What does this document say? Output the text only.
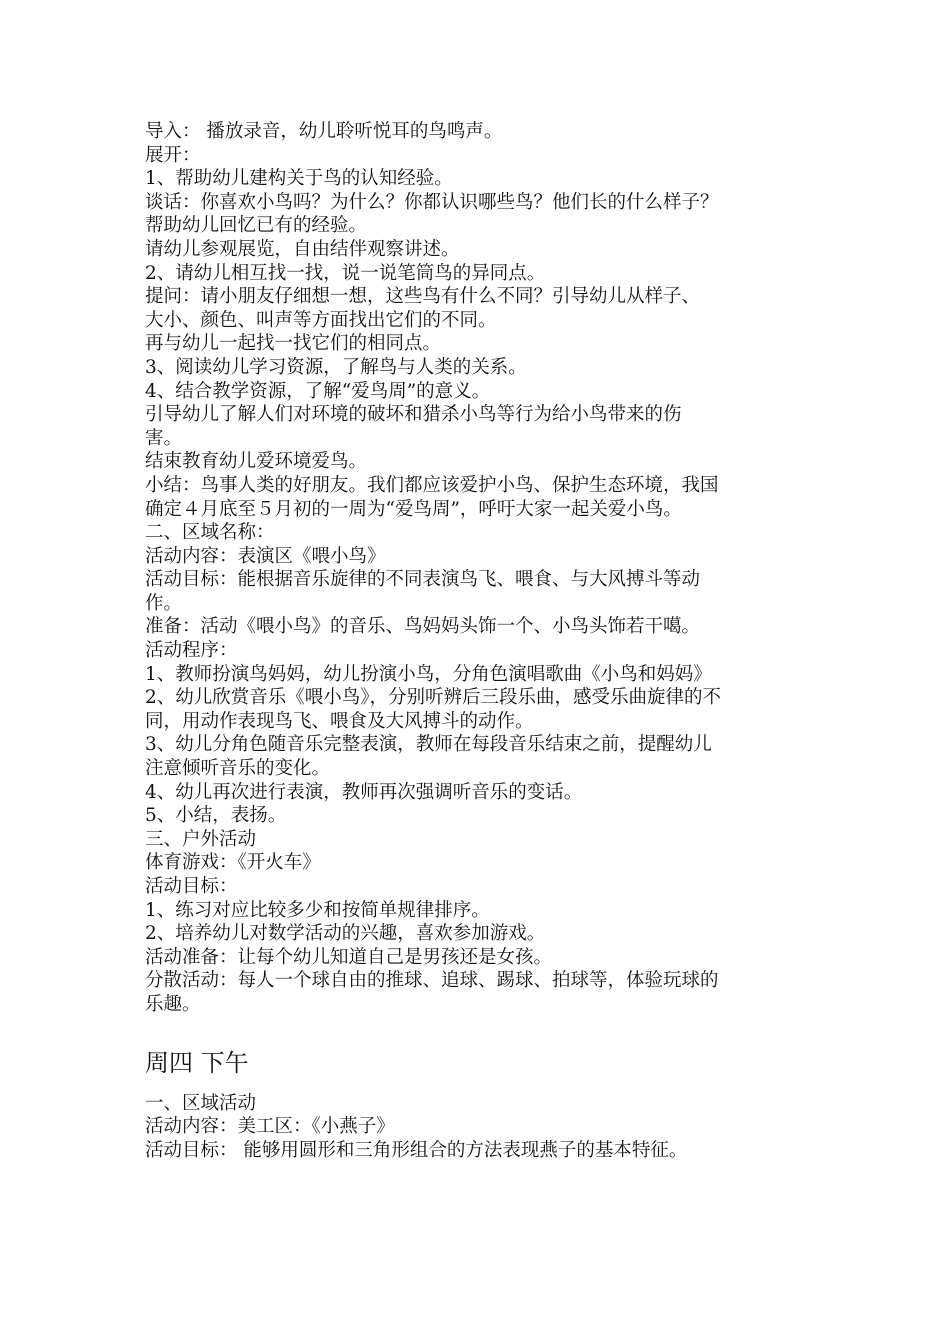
导入： 播放录音，幼儿聆听悦耳的鸟鸣声。
展开：
1、帮助幼儿建构关于鸟的认知经验。
谈话：你喜欢小鸟吗？为什么？你都认识哪些鸟？他们长的什么样子？
帮助幼儿回忆已有的经验。
请幼儿参观展览，自由结伴观察讲述。
2、请幼儿相互找一找，说一说笔筒鸟的异同点。
提问：请小朋友仔细想一想，这些鸟有什么不同？引导幼儿从样子、
大小、颜色、叫声等方面找出它们的不同。
再与幼儿一起找一找它们的相同点。
3、阅读幼儿学习资源，了解鸟与人类的关系。
4、结合教学资源，了解“爱鸟周”的意义。
引导幼儿了解人们对环境的破坏和猎杀小鸟等行为给小鸟带来的伤
害。
结束教育幼儿爱环境爱鸟。
小结：鸟事人类的好朋友。我们都应该爱护小鸟、保护生态环境，我国
确定４月底至５月初的一周为“爱鸟周”，呼吁大家一起关爱小鸟。
二、区域名称：
活动内容：表演区《喂小鸟》
活动目标：能根据音乐旋律的不同表演鸟飞、喂食、与大风搏斗等动
作。
准备：活动《喂小鸟》的音乐、鸟妈妈头饰一个、小鸟头饰若干噶。
活动程序：
1、教师扮演鸟妈妈，幼儿扮演小鸟，分角色演唱歌曲《小鸟和妈妈》
2、幼儿欣赏音乐《喂小鸟》，分别听辨后三段乐曲，感受乐曲旋律的不
同，用动作表现鸟飞、喂食及大风搏斗的动作。
3、幼儿分角色随音乐完整表演，教师在每段音乐结束之前，提醒幼儿
注意倾听音乐的变化。
4、幼儿再次进行表演，教师再次强调听音乐的变话。
5、小结，表扬。
三、户外活动
体育游戏：《开火车》
活动目标：
1、练习对应比较多少和按简单规律排序。
2、培养幼儿对数学活动的兴趣，喜欢参加游戏。
活动准备：让每个幼儿知道自己是男孩还是女孩。
分散活动：每人一个球自由的推球、追球、踢球、拍球等，体验玩球的
乐趣。
周四 下午
一、区域活动
活动内容：美工区：《小燕子》
活动目标： 能够用圆形和三角形组合的方法表现燕子的基本特征。
